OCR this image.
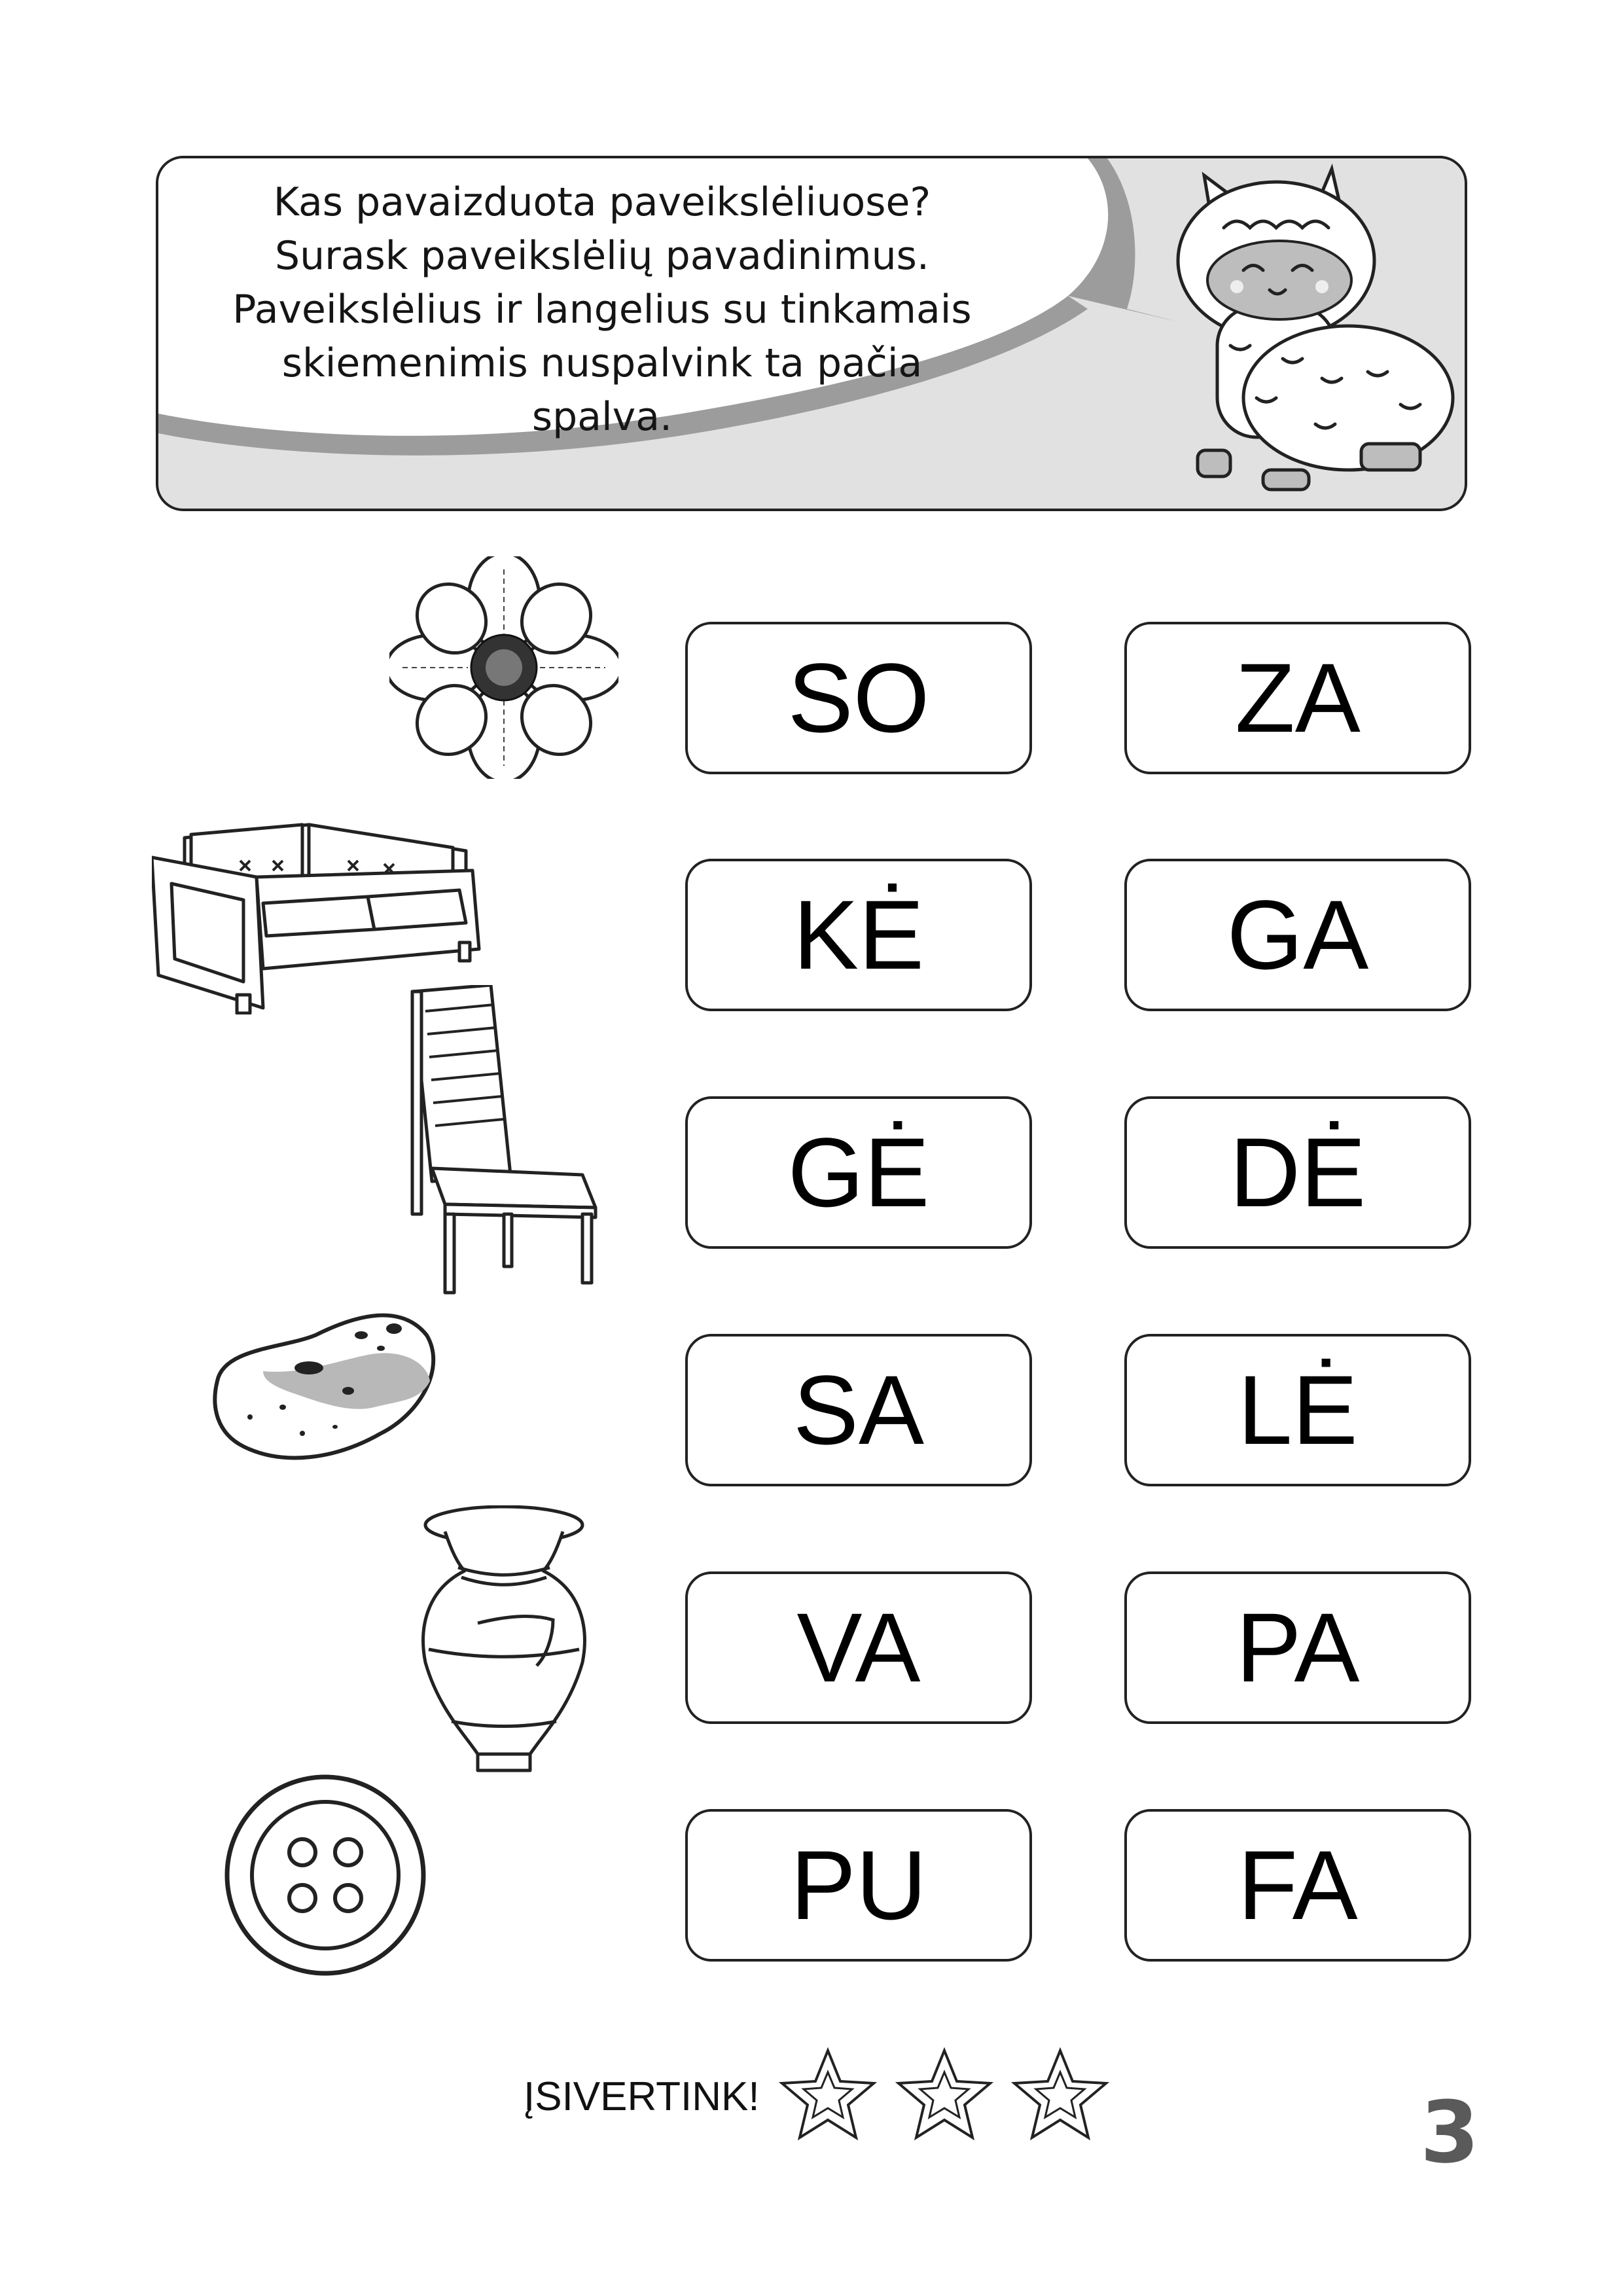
Kas pavaizduota paveikslėliuose?
Surask paveikslėlių pavadinimus.
Paveikslėlius ir langelius su tinkamais
skiemenimis nuspalvink ta pačia
spalva.
SO
KĖ
GĖ
SA
VA
PU
ZA
GA
DĖ
LĖ
PA
FA
ĮSIVERTINK!	3
